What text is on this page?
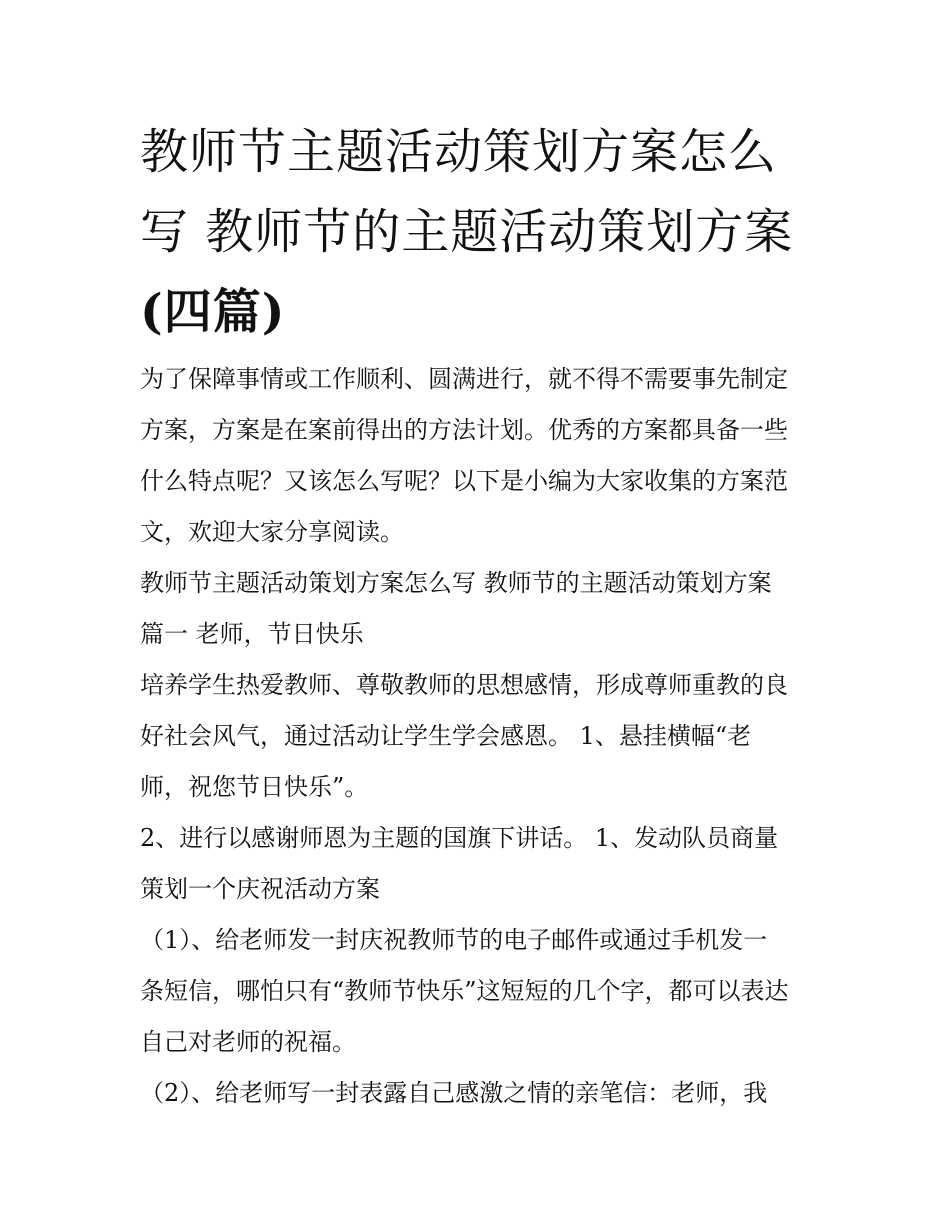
教师节主题活动策划方案怎么
写 教师节的主题活动策划方案
(四篇)

为了保障事情或工作顺利、圆满进行，就不得不需要事先制定
方案，方案是在案前得出的方法计划。优秀的方案都具备一些
什么特点呢？又该怎么写呢？以下是小编为大家收集的方案范
文，欢迎大家分享阅读。

教师节主题活动策划方案怎么写 教师节的主题活动策划方案
篇一 老师，节日快乐

培养学生热爱教师、尊敬教师的思想感情，形成尊师重教的良
好社会风气，通过活动让学生学会感恩。 1、悬挂横幅“老
师，祝您节日快乐”。

2、进行以感谢师恩为主题的国旗下讲话。 1、发动队员商量
策划一个庆祝活动方案

（1）、给老师发一封庆祝教师节的电子邮件或通过手机发一
条短信，哪怕只有“教师节快乐”这短短的几个字，都可以表达
自己对老师的祝福。

（2）、给老师写一封表露自己感激之情的亲笔信：老师，我
